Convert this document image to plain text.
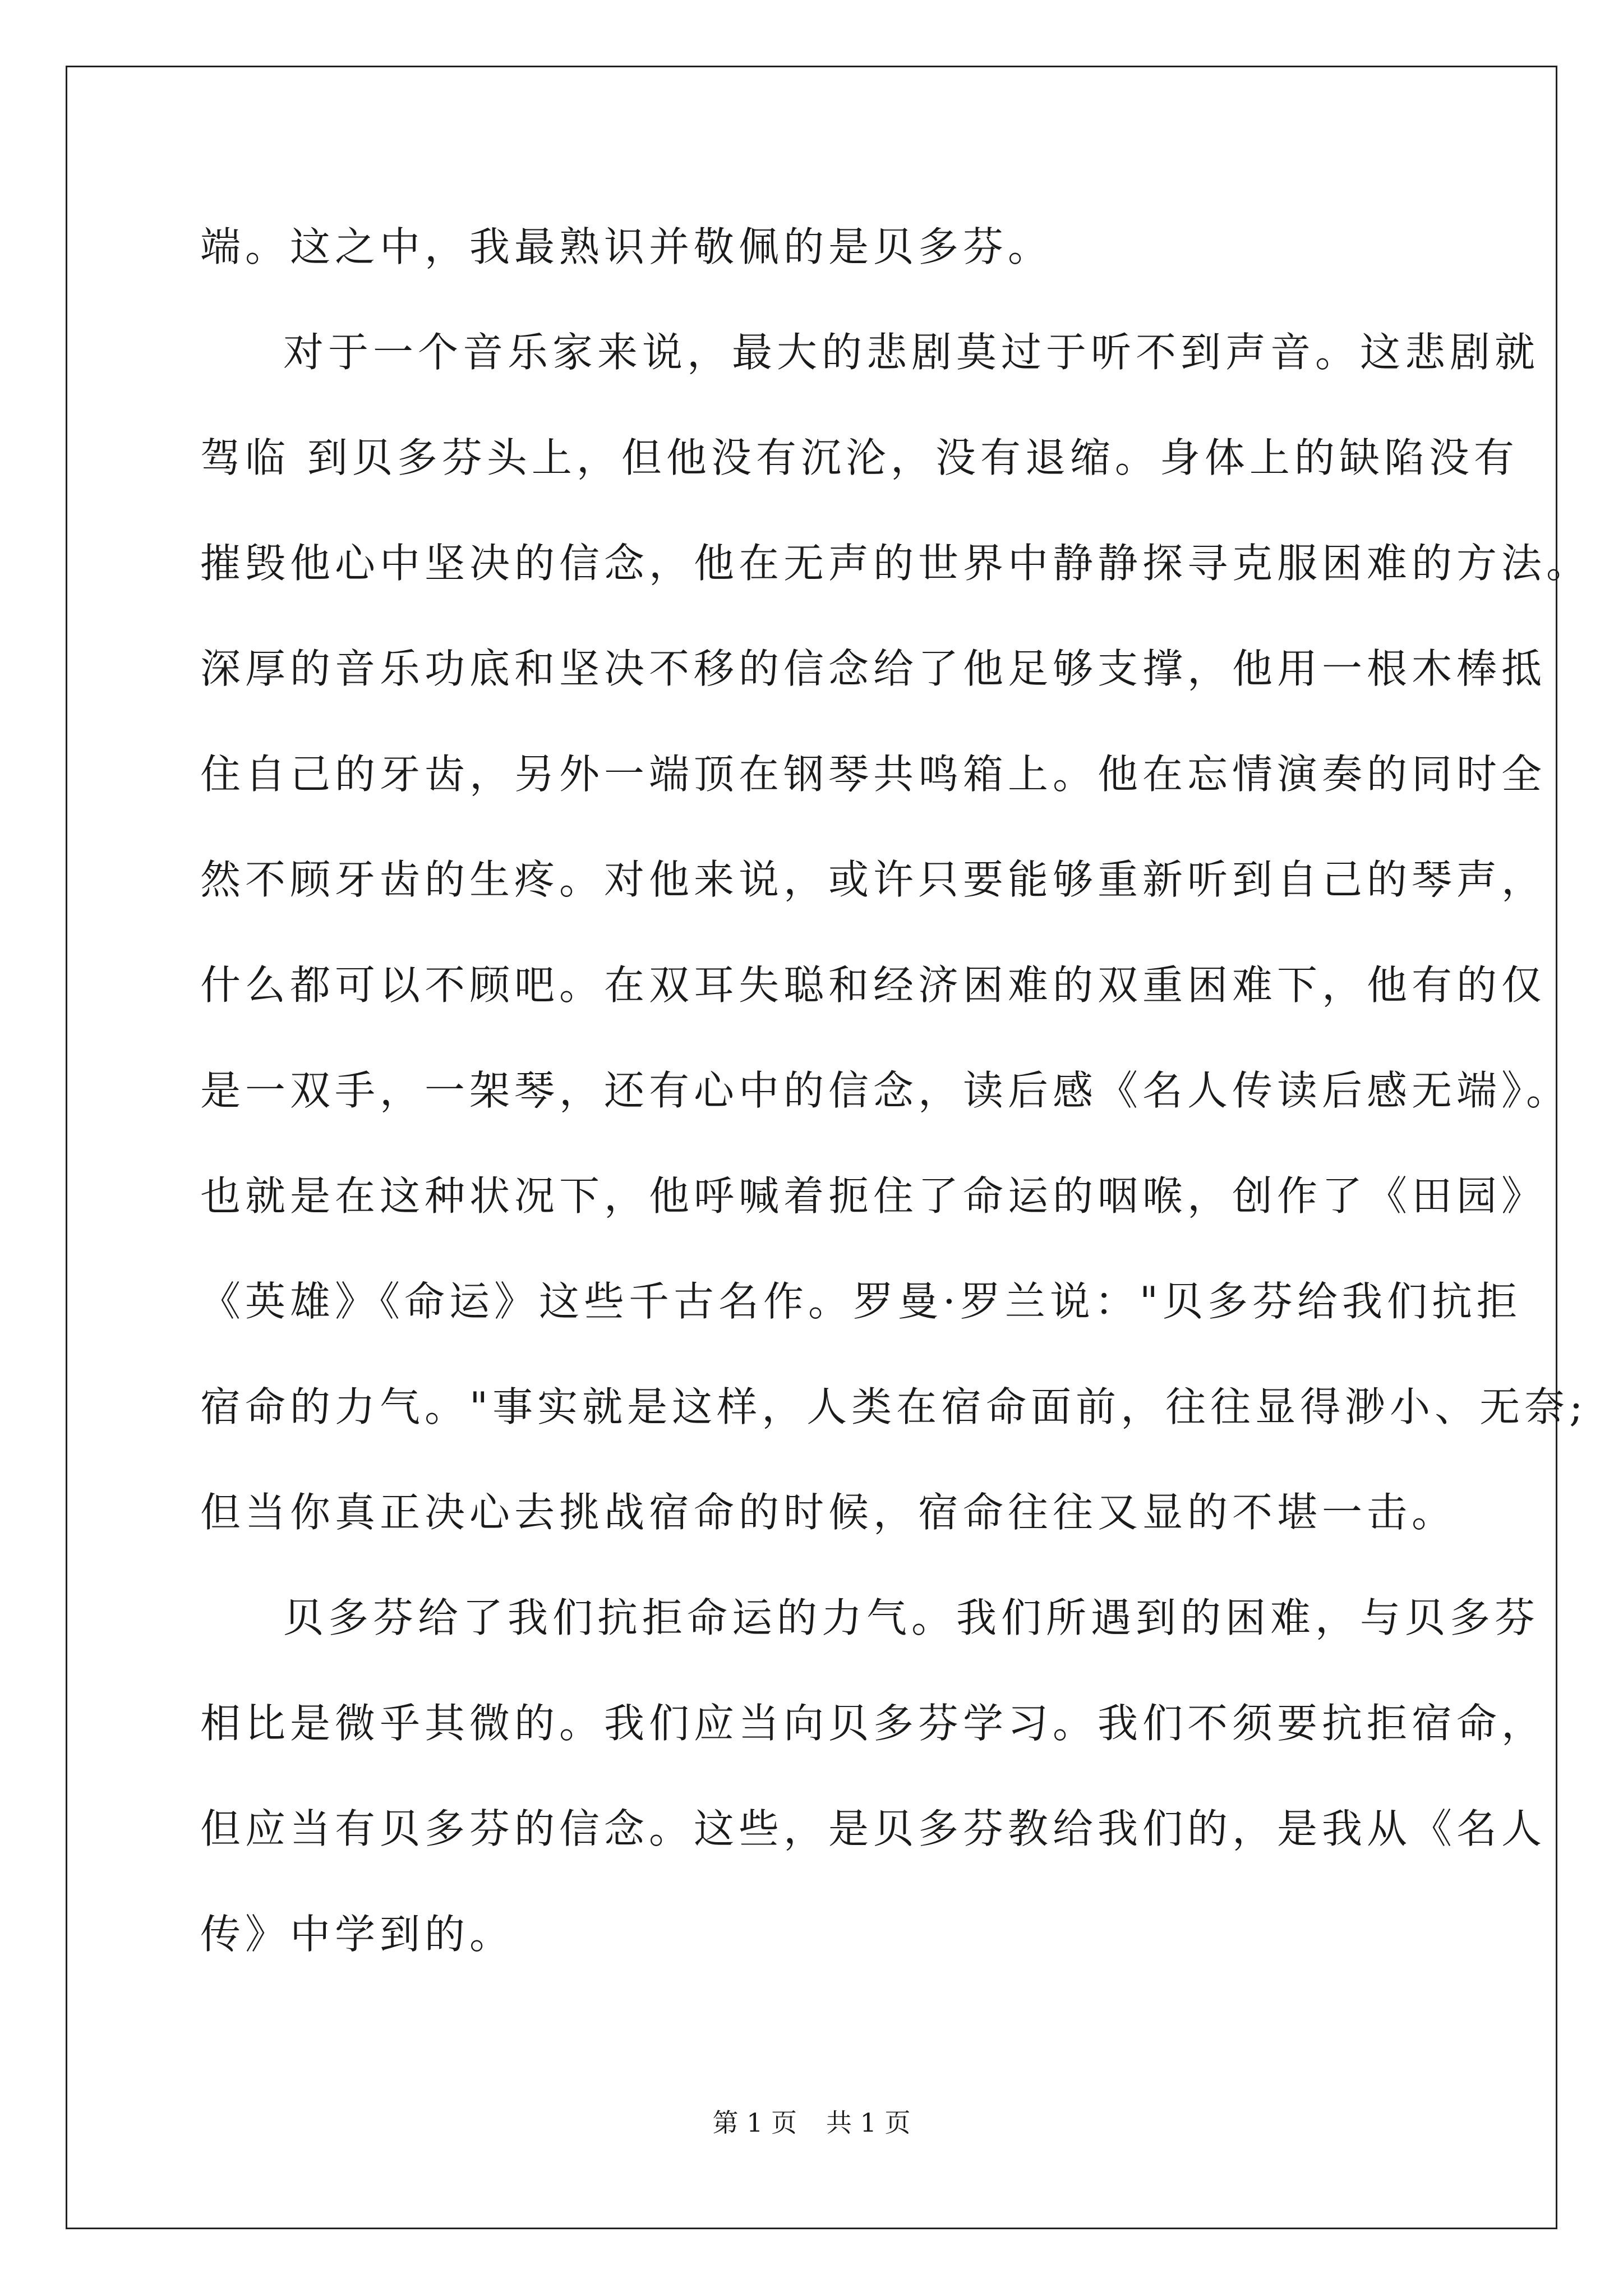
端。这之中，我最熟识并敬佩的是贝多芬。
对于一个音乐家来说，最大的悲剧莫过于听不到声音。这悲剧就
驾临 到贝多芬头上，但他没有沉沦，没有退缩。身体上的缺陷没有
摧毁他心中坚决的信念，他在无声的世界中静静探寻克服困难的方法。
深厚的音乐功底和坚决不移的信念给了他足够支撑，他用一根木棒抵
住自己的牙齿，另外一端顶在钢琴共鸣箱上。他在忘情演奏的同时全
然不顾牙齿的生疼。对他来说，或许只要能够重新听到自己的琴声，
什么都可以不顾吧。在双耳失聪和经济困难的双重困难下，他有的仅
是一双手，一架琴，还有心中的信念，读后感《名人传读后感无端》。
也就是在这种状况下，他呼喊着扼住了命运的咽喉，创作了《田园》
《英雄》《命运》这些千古名作。罗曼·罗兰说："贝多芬给我们抗拒
宿命的力气。"事实就是这样，人类在宿命面前，往往显得渺小、无奈;
但当你真正决心去挑战宿命的时候，宿命往往又显的不堪一击。
贝多芬给了我们抗拒命运的力气。我们所遇到的困难，与贝多芬
相比是微乎其微的。我们应当向贝多芬学习。我们不须要抗拒宿命，
但应当有贝多芬的信念。这些，是贝多芬教给我们的，是我从《名人
传》中学到的。
第 1 页 共 1 页
